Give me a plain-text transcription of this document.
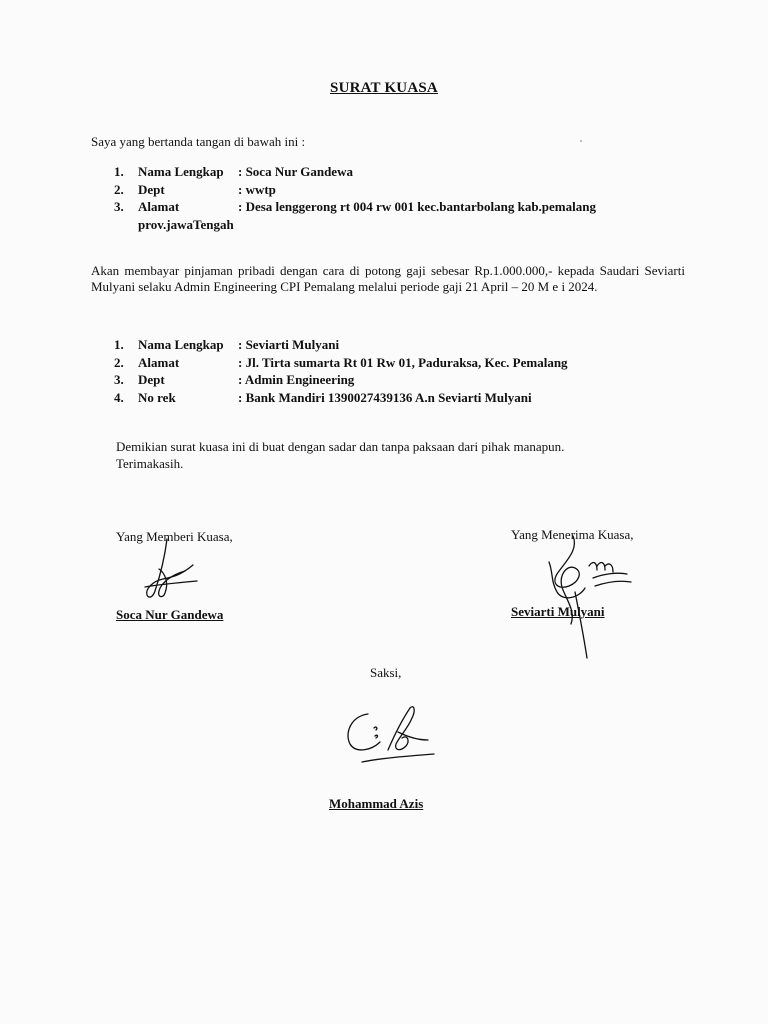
SURAT KUASA
Saya yang bertanda tangan di bawah ini :
1.	Nama Lengkap	: Soca Nur Gandewa
2.	Dept	: wwtp
3.	Alamat	: Desa lenggerong rt 004 rw 001 kec.bantarbolang kab.pemalang
prov.jawaTengah
Akan membayar pinjaman pribadi dengan cara di potong gaji sebesar Rp.1.000.000,- kepada Saudari Seviarti Mulyani selaku Admin Engineering CPI Pemalang melalui periode gaji 21 April – 20 M e i 2024.
1.	Nama Lengkap	: Seviarti Mulyani
2.	Alamat	: Jl. Tirta sumarta Rt 01 Rw 01, Paduraksa, Kec. Pemalang
3.	Dept	: Admin Engineering
4.	No rek	: Bank Mandiri 1390027439136 A.n Seviarti Mulyani
Demikian surat kuasa ini di buat dengan sadar dan tanpa paksaan dari pihak manapun.
Terimakasih.
Yang Memberi Kuasa,
Soca Nur Gandewa
Yang Menerima Kuasa,
Seviarti Mulyani
Saksi,
Mohammad Azis
